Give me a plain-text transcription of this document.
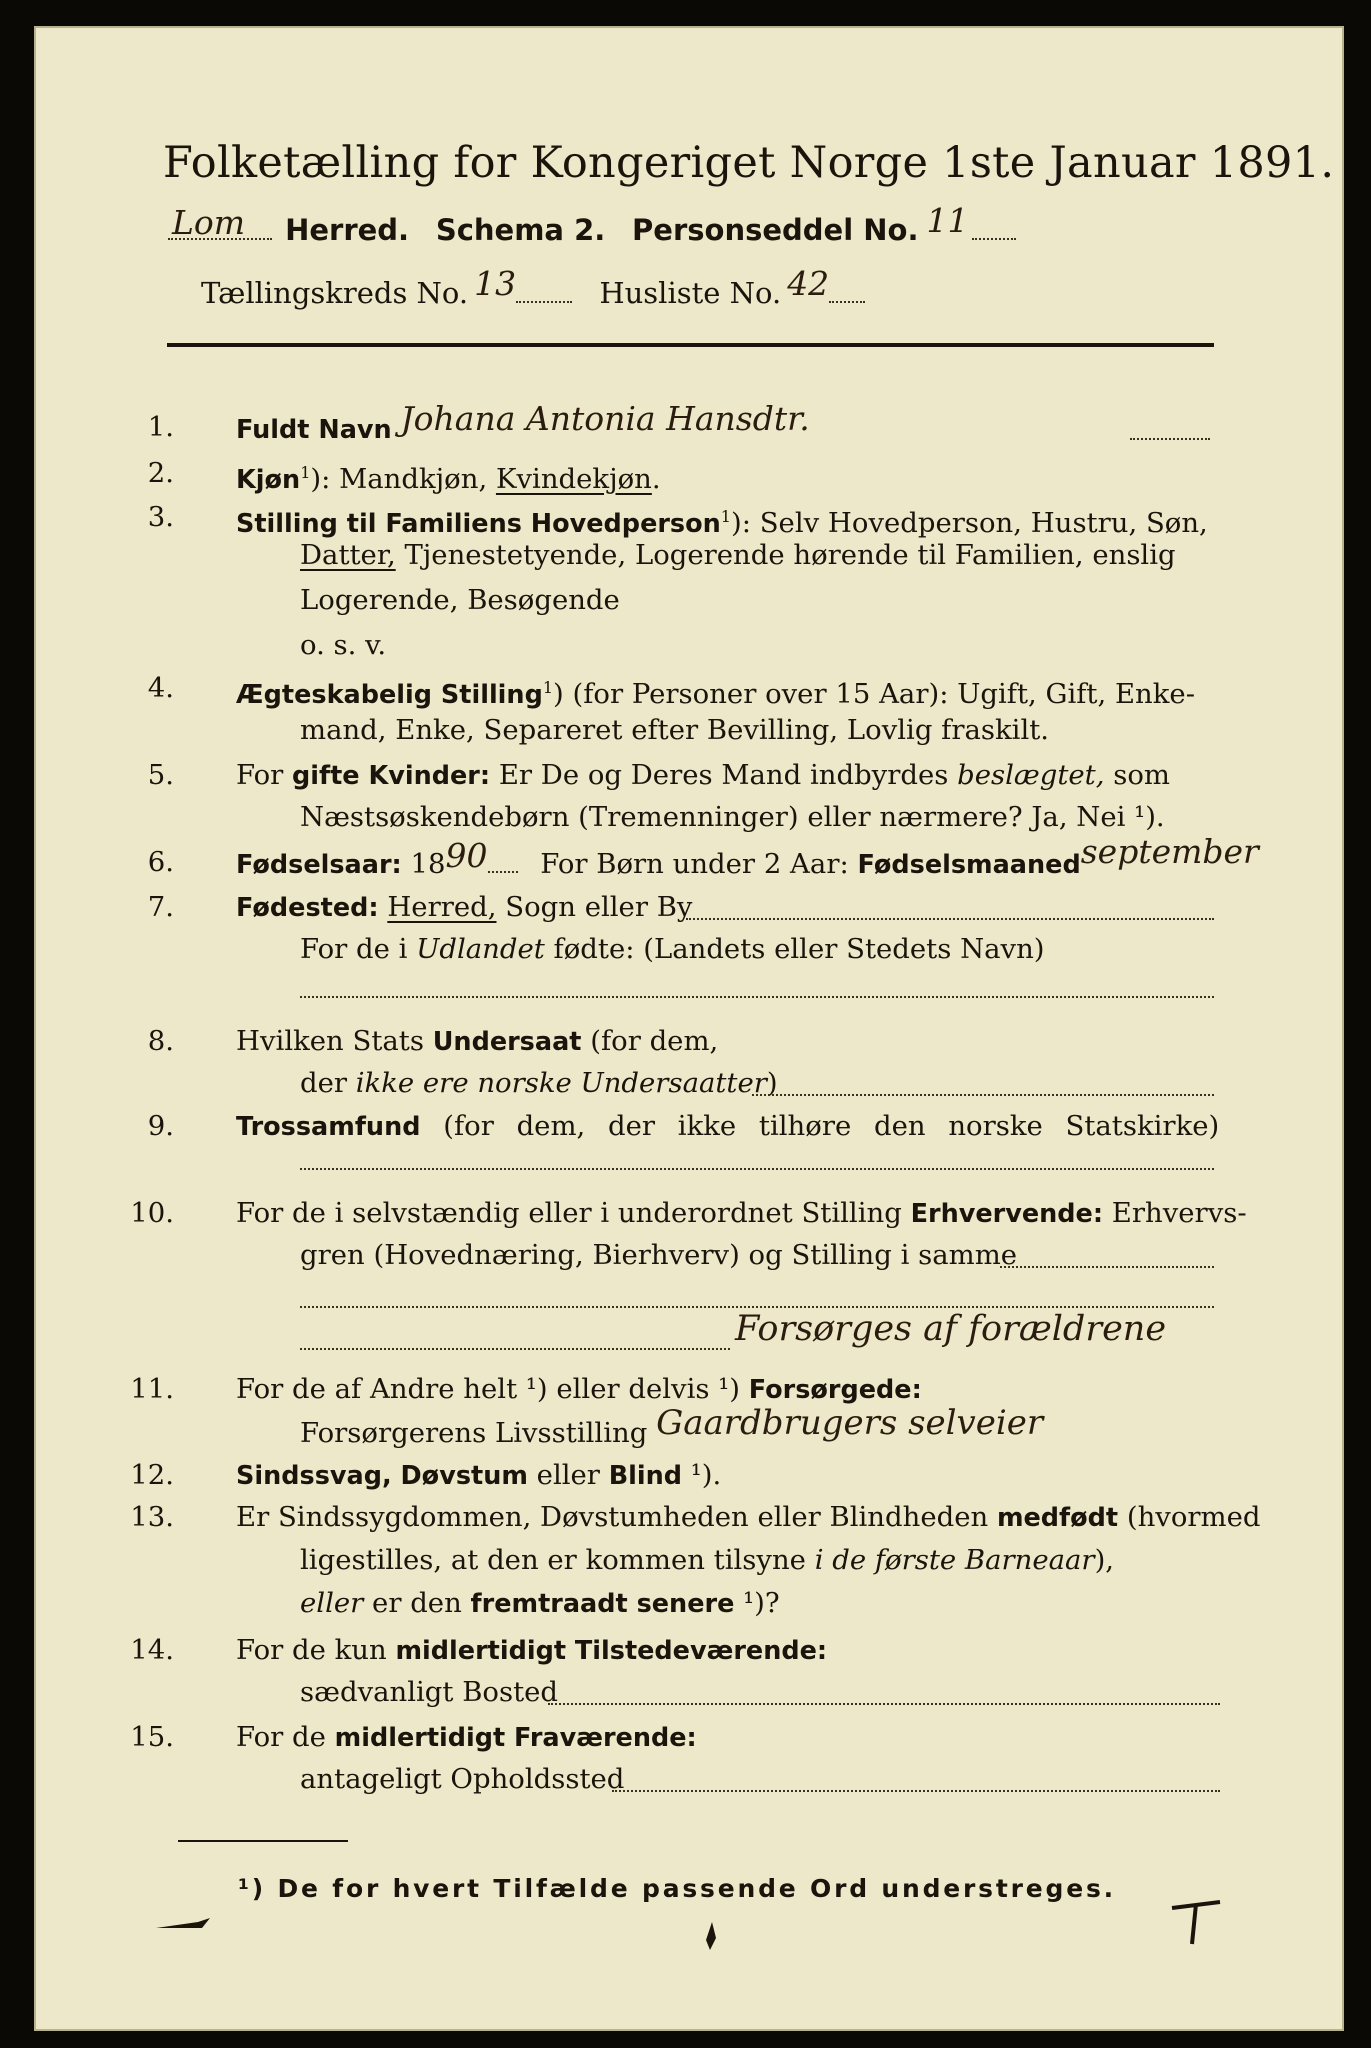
Folketælling for Kongeriget Norge 1ste Januar 1891.
Lom Herred. Schema 2. Personseddel No. 11
Tællingskreds No. 13	Husliste No. 42
1. Fuldt Navn Johana Antonia Hansdtr.
2. Kjøn$^1$): Mandkjøn, Kvindekjøn.
3. Stilling til Familiens Hovedperson$^1$): Selv Hovedperson, Hustru, Søn,
Datter, Tjenestetyende, Logerende hørende til Familien, enslig
Logerende, Besøgende
o. s. v.
4. Ægteskabelig Stilling$^1$) (for Personer over 15 Aar): Ugift, Gift, Enke-
mand, Enke, Separeret efter Bevilling, Lovlig fraskilt.
5. For gifte Kvinder: Er De og Deres Mand indbyrdes beslægtet, som
Næstsøskendebørn (Tremenninger) eller nærmere? Ja, Nei ¹).
6. Fødselsaar: 1890 For Børn under 2 Aar: Fødselsmaanedseptember
7. Fødested: Herred, Sogn eller By
For de i Udlandet fødte: (Landets eller Stedets Navn)
8. Hvilken Stats Undersaat (for dem,
der ikke ere norske Undersaatter)
9. Trossamfund (for dem, der ikke tilhøre den norske Statskirke)
10. For de i selvstændig eller i underordnet Stilling Erhvervende: Erhvervs-
gren (Hovednæring, Bierhverv) og Stilling i samme
Forsørges af forældrene
11. For de af Andre helt ¹) eller delvis ¹) Forsørgede:
Forsørgerens Livsstilling Gaardbrugers selveier
12. Sindssvag, Døvstum eller Blind ¹).
13. Er Sindssygdommen, Døvstumheden eller Blindheden medfødt (hvormed
ligestilles, at den er kommen tilsyne i de første Barneaar),
eller er den fremtraadt senere ¹)?
14. For de kun midlertidigt Tilstedeværende:
sædvanligt Bosted
15. For de midlertidigt Fraværende:
antageligt Opholdssted
¹) De for hvert Tilfælde passende Ord understreges.
